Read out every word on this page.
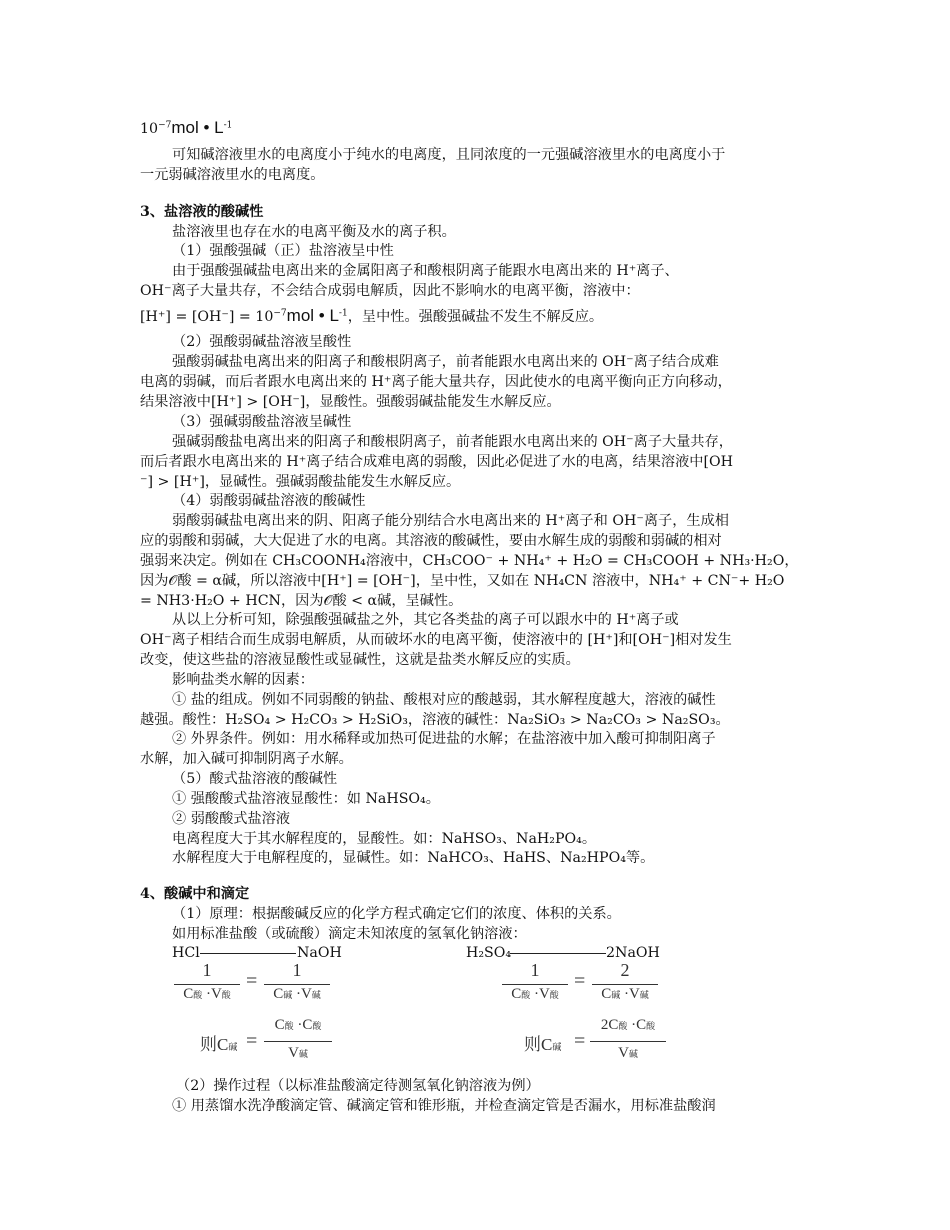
$10^{-7}mol$ • $L^{-1}$
可知碱溶液里水的电离度小于纯水的电离度，且同浓度的一元强碱溶液里水的电离度小于
一元弱碱溶液里水的电离度。
3、盐溶液的酸碱性
盐溶液里也存在水的电离平衡及水的离子积。
（1）强酸强碱（正）盐溶液呈中性
由于强酸强碱盐电离出来的金属阳离子和酸根阴离子能跟水电离出来的 H⁺离子、
OH⁻离子大量共存，不会结合成弱电解质，因此不影响水的电离平衡，溶液中：
$[H^+] = [OH^-] = 10^{-7}mol$ • $L^{-1}$，呈中性。强酸强碱盐不发生不解反应。
（2）强酸弱碱盐溶液呈酸性
强酸弱碱盐电离出来的阳离子和酸根阴离子，前者能跟水电离出来的 OH⁻离子结合成难
电离的弱碱，而后者跟水电离出来的 H⁺离子能大量共存，因此使水的电离平衡向正方向移动，
结果溶液中[H⁺] > [OH⁻]，显酸性。强酸弱碱盐能发生水解反应。
（3）强碱弱酸盐溶液呈碱性
强碱弱酸盐电离出来的阳离子和酸根阴离子，前者能跟水电离出来的 OH⁻离子大量共存，
而后者跟水电离出来的 H⁺离子结合成难电离的弱酸，因此必促进了水的电离，结果溶液中[OH
⁻] > [H⁺]，显碱性。强碱弱酸盐能发生水解反应。
（4）弱酸弱碱盐溶液的酸碱性
弱酸弱碱盐电离出来的阴、阳离子能分别结合水电离出来的 H⁺离子和 OH⁻离子，生成相
应的弱酸和弱碱，大大促进了水的电离。其溶液的酸碱性，要由水解生成的弱酸和弱碱的相对
强弱来决定。例如在 CH₃COONH₄溶液中，CH₃COO⁻ + NH₄⁺ + H₂O = CH₃COOH + NH₃·H₂O，
因为𝒪酸 = α碱，所以溶液中[H⁺] = [OH⁻]，呈中性，又如在 NH₄CN 溶液中，NH₄⁺ + CN⁻+ H₂O
= NH3·H₂O + HCN，因为𝒪酸 < α碱，呈碱性。
从以上分析可知，除强酸强碱盐之外，其它各类盐的离子可以跟水中的 H⁺离子或
OH⁻离子相结合而生成弱电解质，从而破坏水的电离平衡，使溶液中的 [H⁺]和[OH⁻]相对发生
改变，使这些盐的溶液显酸性或显碱性，这就是盐类水解反应的实质。
影响盐类水解的因素：
① 盐的组成。例如不同弱酸的钠盐、酸根对应的酸越弱，其水解程度越大，溶液的碱性
越强。酸性：H₂SO₄ > H₂CO₃ > H₂SiO₃，溶液的碱性：Na₂SiO₃ > Na₂CO₃ > Na₂SO₃。
② 外界条件。例如：用水稀释或加热可促进盐的水解；在盐溶液中加入酸可抑制阳离子
水解，加入碱可抑制阴离子水解。
（5）酸式盐溶液的酸碱性
① 强酸酸式盐溶液显酸性：如 NaHSO₄。
② 弱酸酸式盐溶液
电离程度大于其水解程度的，显酸性。如：NaHSO₃、NaH₂PO₄。
水解程度大于电解程度的，显碱性。如：NaHCO₃、HaHS、Na₂HPO₄等。
4、酸碱中和滴定
（1）原理：根据酸碱反应的化学方程式确定它们的浓度、体积的关系。
如用标准盐酸（或硫酸）滴定未知浓度的氢氧化钠溶液：
HCl	NaOH
1
C酸 ·V酸
=	1
C碱 ·V碱
则C碱 =
C酸 ·C酸
V碱
H₂SO₄	2NaOH
1
C酸 ·V酸
=	2
C碱 ·V碱
则C碱 =
2C酸 ·C酸
V碱
（2）操作过程（以标准盐酸滴定待测氢氧化钠溶液为例）
① 用蒸馏水洗净酸滴定管、碱滴定管和锥形瓶，并检查滴定管是否漏水，用标准盐酸润
